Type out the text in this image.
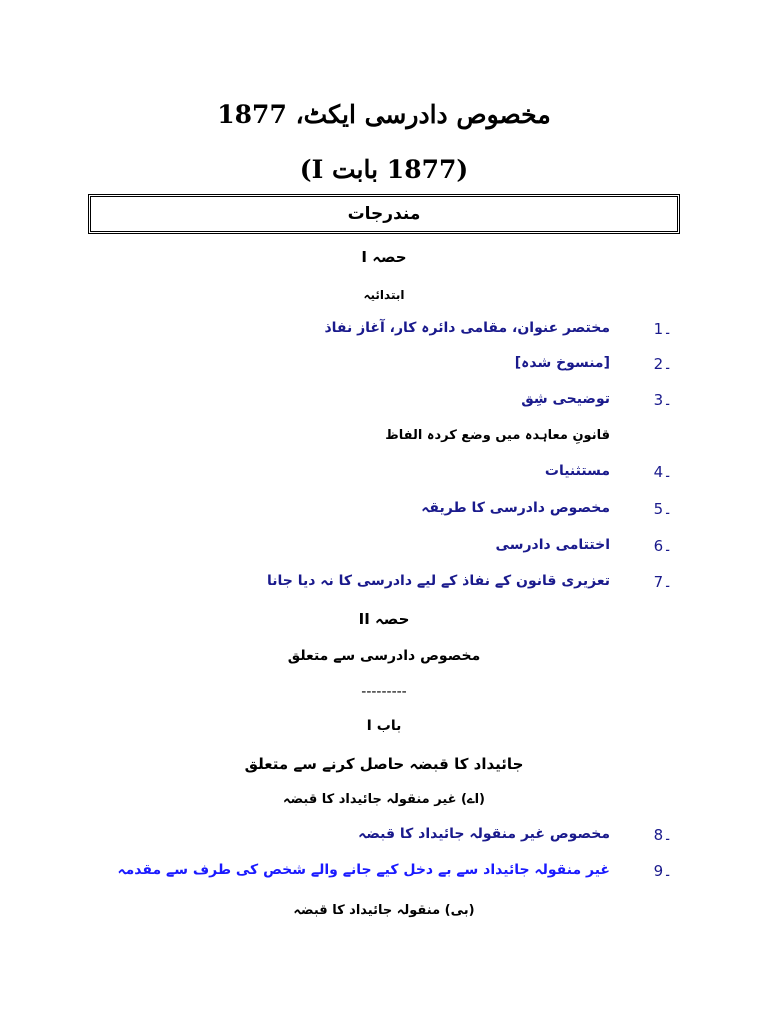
مخصوص دادرسی ایکٹ، 1877
(1877 بابت I)
مندرجات
حصہ I
ابتدائیہ
1۔
مختصر عنوان، مقامی دائرہ کار، آغاز نفاذ
2۔
[منسوخ شدہ]
3۔
توضیحی شِق
قانونِ معاہدہ میں وضع کردہ الفاظ
4۔
مستثنیات
5۔
مخصوص دادرسی کا طریقہ
6۔
اختتامی دادرسی
7۔
تعزیری قانون کے نفاذ کے لیے دادرسی کا نہ دیا جانا
حصہ II
مخصوص دادرسی سے متعلق
---------
باب I
جائیداد کا قبضہ حاصل کرنے سے متعلق
(اے) غیر منقولہ جائیداد کا قبضہ
8۔
مخصوص غیر منقولہ جائیداد کا قبضہ
9۔
غیر منقولہ جائیداد سے بے دخل کیے جانے والے شخص کی طرف سے مقدمہ
(بی) منقولہ جائیداد کا قبضہ
